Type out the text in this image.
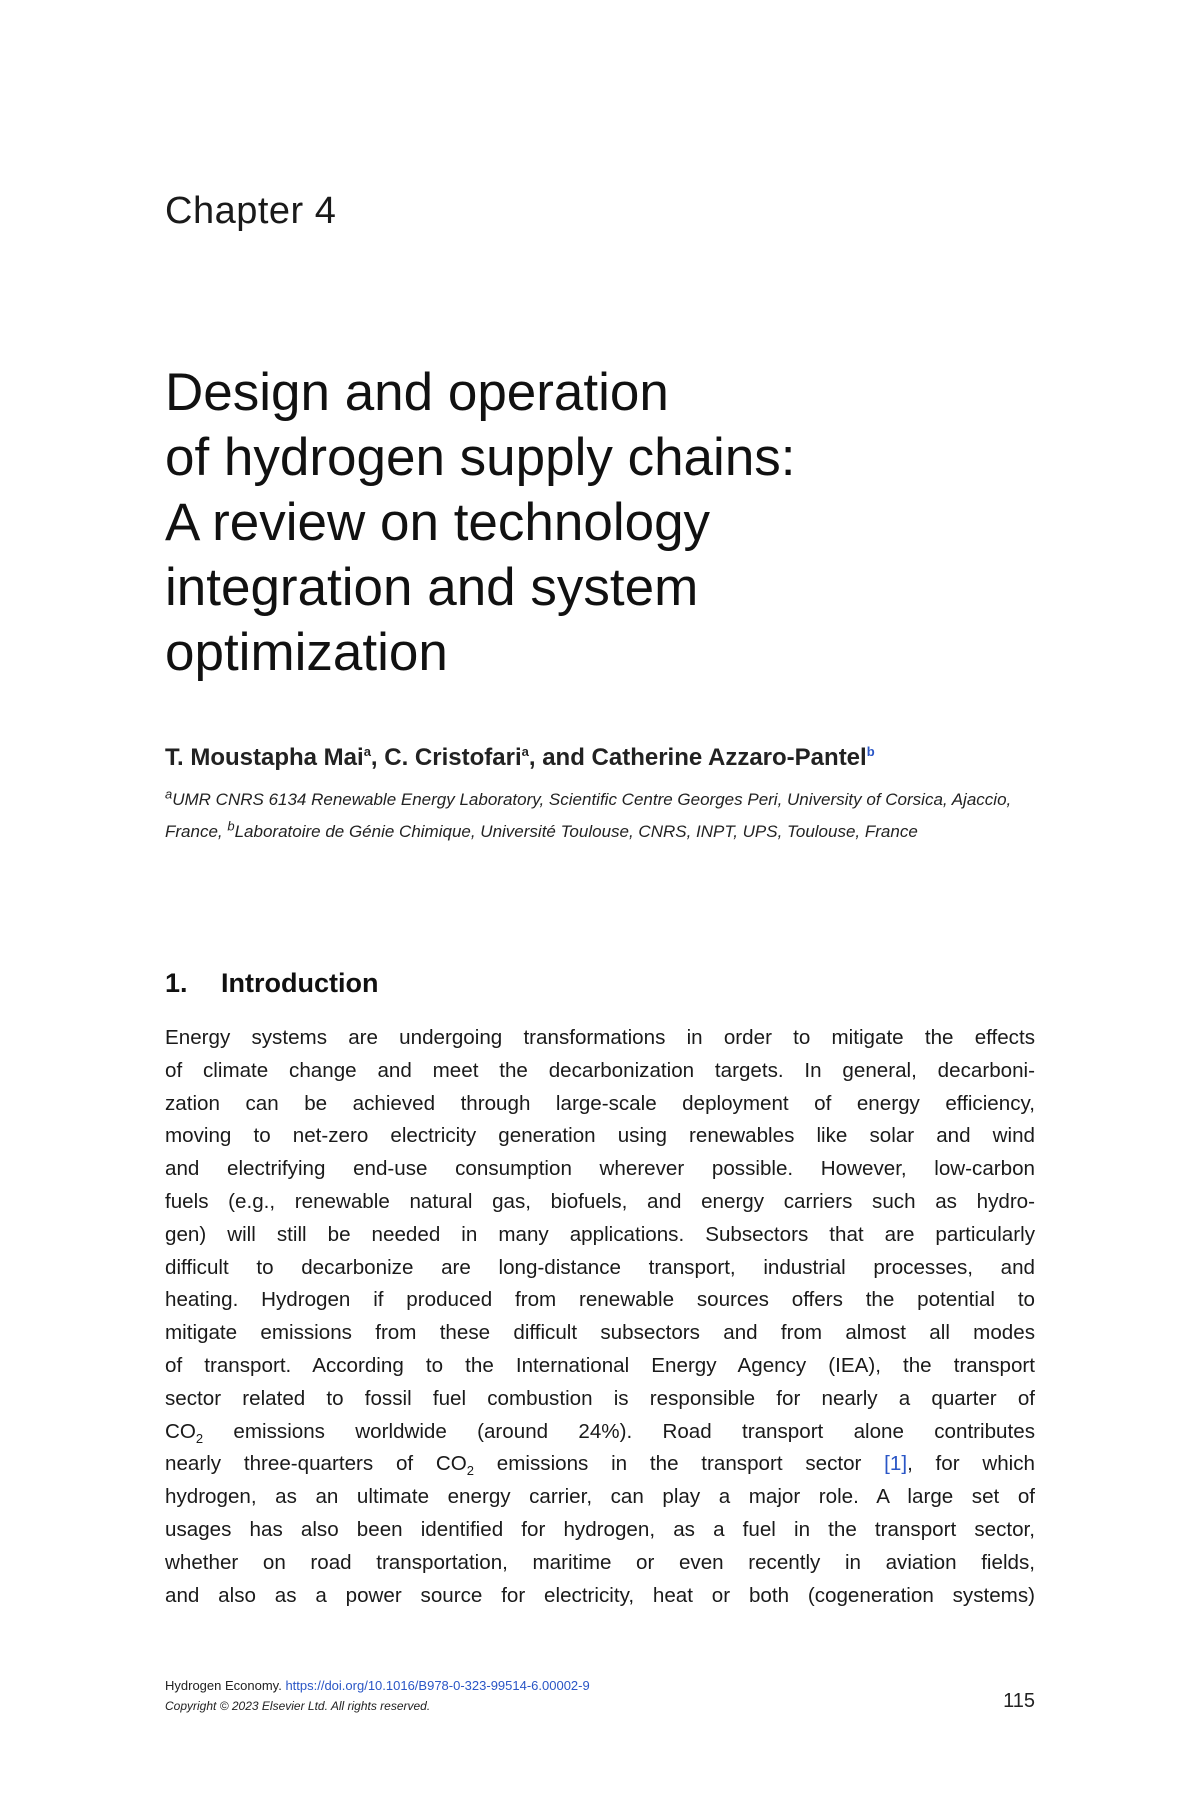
Chapter 4
Design and operation
of hydrogen supply chains:
A review on technology
integration and system
optimization

T. Moustapha Mai$^a$, C. Cristofari$^a$, and Catherine Azzaro-Pantel$^b$

$^a$UMR CNRS 6134 Renewable Energy Laboratory, Scientific Centre Georges Peri, University of Corsica, Ajaccio, France, $^b$Laboratoire de Génie Chimique, Université Toulouse, CNRS, INPT, UPS, Toulouse, France

1. Introduction
Energy systems are undergoing transformations in order to mitigate the effects
of climate change and meet the decarbonization targets. In general, decarboni-
zation can be achieved through large-scale deployment of energy efficiency,
moving to net-zero electricity generation using renewables like solar and wind
and electrifying end-use consumption wherever possible. However, low-carbon
fuels (e.g., renewable natural gas, biofuels, and energy carriers such as hydro-
gen) will still be needed in many applications. Subsectors that are particularly
difficult to decarbonize are long-distance transport, industrial processes, and
heating. Hydrogen if produced from renewable sources offers the potential to
mitigate emissions from these difficult subsectors and from almost all modes
of transport. According to the International Energy Agency (IEA), the transport
sector related to fossil fuel combustion is responsible for nearly a quarter of
$CO_2$ emissions worldwide (around 24%). Road transport alone contributes
nearly three-quarters of $CO_2$ emissions in the transport sector [1], for which
hydrogen, as an ultimate energy carrier, can play a major role. A large set of
usages has also been identified for hydrogen, as a fuel in the transport sector,
whether on road transportation, maritime or even recently in aviation fields,
and also as a power source for electricity, heat or both (cogeneration systems)
Hydrogen Economy. https://doi.org/10.1016/B978-0-323-99514-6.00002-9
Copyright © 2023 Elsevier Ltd. All rights reserved.	115
